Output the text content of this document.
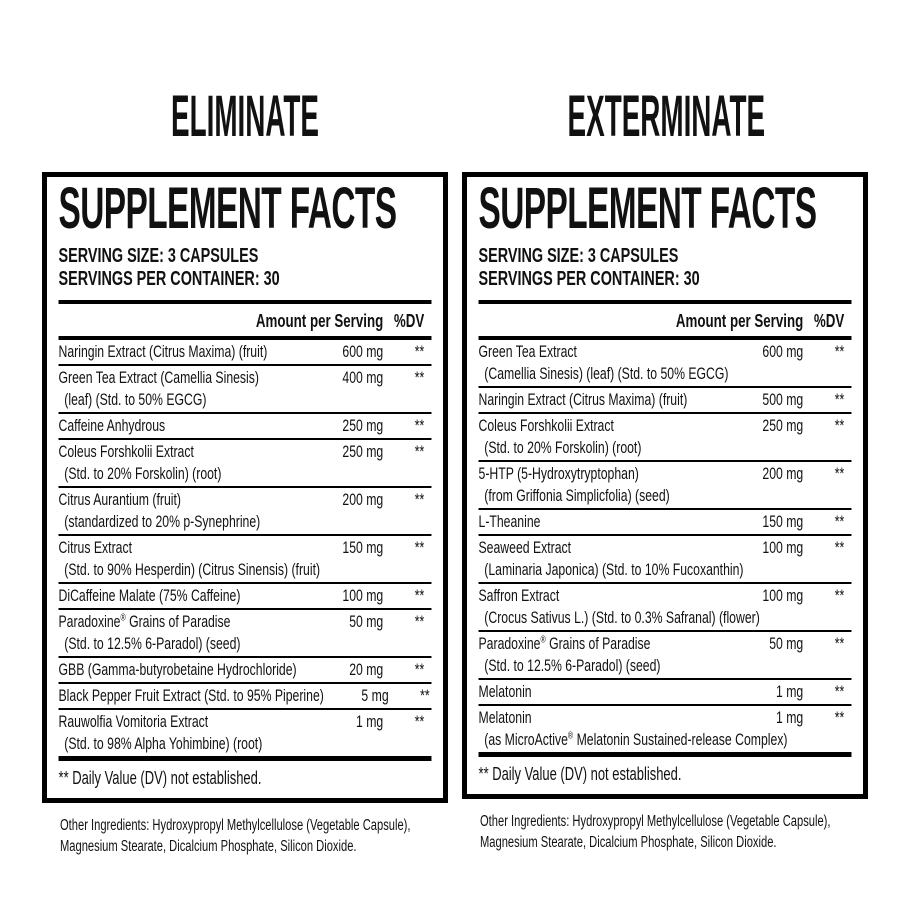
ELIMINATE
SUPPLEMENT FACTS
SERVING SIZE: 3 CAPSULES
SERVINGS PER CONTAINER: 30
Amount per Serving %DV
Naringin Extract (Citrus Maxima) (fruit)	600 mg	**
Green Tea Extract (Camellia Sinesis)	400 mg	**
(leaf) (Std. to 50% EGCG)
Caffeine Anhydrous	250 mg	**
Coleus Forshkolii Extract	250 mg	**
(Std. to 20% Forskolin) (root)
Citrus Aurantium (fruit)	200 mg	**
(standardized to 20% p-Synephrine)
Citrus Extract	150 mg	**
(Std. to 90% Hesperdin) (Citrus Sinensis) (fruit)
DiCaffeine Malate (75% Caffeine)	100 mg	**
Paradoxine® Grains of Paradise	50 mg	**
(Std. to 12.5% 6-Paradol) (seed)
GBB (Gamma-butyrobetaine Hydrochloride)	20 mg	**
Black Pepper Fruit Extract (Std. to 95% Piperine)	5 mg	**
Rauwolfia Vomitoria Extract	1 mg	**
(Std. to 98% Alpha Yohimbine) (root)
** Daily Value (DV) not established.

Other Ingredients: Hydroxypropyl Methylcellulose (Vegetable Capsule), Magnesium Stearate, Dicalcium Phosphate, Silicon Dioxide.

EXTERMINATE
SUPPLEMENT FACTS
SERVING SIZE: 3 CAPSULES
SERVINGS PER CONTAINER: 30
Amount per Serving %DV
Green Tea Extract	600 mg	**
(Camellia Sinesis) (leaf) (Std. to 50% EGCG)
Naringin Extract (Citrus Maxima) (fruit)	500 mg	**
Coleus Forshkolii Extract	250 mg	**
(Std. to 20% Forskolin) (root)
5-HTP (5-Hydroxytryptophan)	200 mg	**
(from Griffonia Simplicfolia) (seed)
L-Theanine	150 mg	**
Seaweed Extract	100 mg	**
(Laminaria Japonica) (Std. to 10% Fucoxanthin)
Saffron Extract	100 mg	**
(Crocus Sativus L.) (Std. to 0.3% Safranal) (flower)
Paradoxine® Grains of Paradise	50 mg	**
(Std. to 12.5% 6-Paradol) (seed)
Melatonin	1 mg	**
Melatonin	1 mg	**
(as MicroActive® Melatonin Sustained-release Complex)
** Daily Value (DV) not established.

Other Ingredients: Hydroxypropyl Methylcellulose (Vegetable Capsule), Magnesium Stearate, Dicalcium Phosphate, Silicon Dioxide.
